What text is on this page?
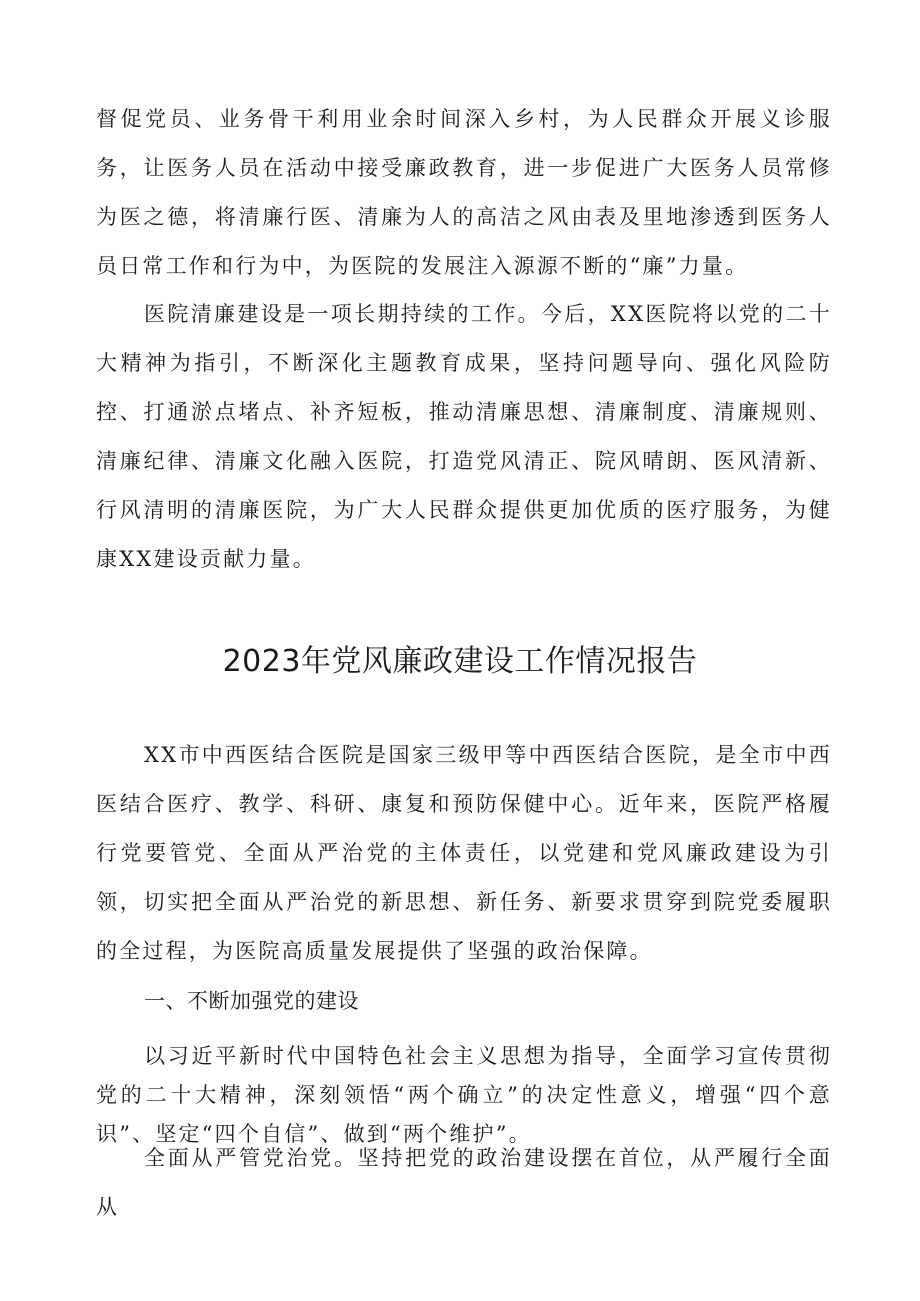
督促党员、业务骨干利用业余时间深入乡村，为人民群众开展义诊服务，让医务人员在活动中接受廉政教育，进一步促进广大医务人员常修为医之德，将清廉行医、清廉为人的高洁之风由表及里地渗透到医务人员日常工作和行为中，为医院的发展注入源源不断的“廉”力量。

医院清廉建设是一项长期持续的工作。今后，XX医院将以党的二十大精神为指引，不断深化主题教育成果，坚持问题导向、强化风险防控、打通淤点堵点、补齐短板，推动清廉思想、清廉制度、清廉规则、清廉纪律、清廉文化融入医院，打造党风清正、院风晴朗、医风清新、行风清明的清廉医院，为广大人民群众提供更加优质的医疗服务，为健康XX建设贡献力量。

2023年党风廉政建设工作情况报告

XX市中西医结合医院是国家三级甲等中西医结合医院，是全市中西医结合医疗、教学、科研、康复和预防保健中心。近年来，医院严格履行党要管党、全面从严治党的主体责任，以党建和党风廉政建设为引领，切实把全面从严治党的新思想、新任务、新要求贯穿到院党委履职的全过程，为医院高质量发展提供了坚强的政治保障。

一、不断加强党的建设

以习近平新时代中国特色社会主义思想为指导，全面学习宣传贯彻党的二十大精神，深刻领悟“两个确立”的决定性意义，增强“四个意识”、坚定“四个自信”、做到“两个维护”。

全面从严管党治党。坚持把党的政治建设摆在首位，从严履行全面从
